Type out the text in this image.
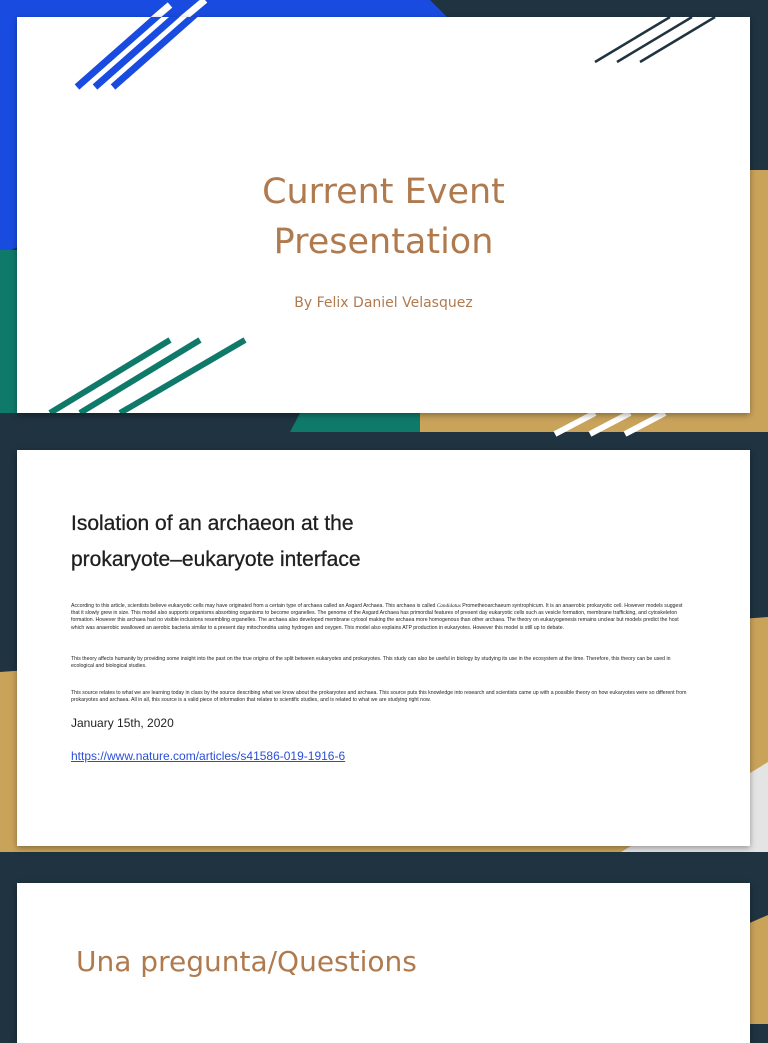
Current Event
Presentation
By Felix Daniel Velasquez
Isolation of an archaeon at the
prokaryote–eukaryote interface
According to this article, scientists believe eukaryotic cells may have originated from a certain type of archaea called an Asgard Archaea. This archaea is called Candidatus Prometheoarchaeum syntrophicum. It is an anaerobic prokaryotic cell. However models suggest that it slowly grew in size. This model also supports organisms absorbing organisms to become organelles. The genome of the Asgard Archaea has primordial features of present day eukaryotic cells such as vesicle formation, membrane trafficking, and cytoskeleton formation. However this archaea had no visible inclusions resembling organelles. The archaea also developed membrane cytosol making the archaea more homogenous than other archaea. The theory on eukaryogenesis remains unclear but models predict the host which was anaerobic swallowed an aerobic bacteria similar to a present day mitochondria using hydrogen and oxygen. This model also explains ATP production in eukaryotes. However this model is still up to debate.
This theory affects humanity by providing some insight into the past on the true origins of the split between eukaryotes and prokaryotes. This study can also be useful in biology by studying its use in the ecosystem at the time. Therefore, this theory can be used in ecological and biological studies.
This source relates to what we are learning today in class by the source describing what we know about the prokaryotes and archaea. This source puts this knowledge into research and scientists came up with a possible theory on how eukaryotes were so different from prokaryotes and archaea. All in all, this source is a valid piece of information that relates to scientific studies, and is related to what we are studying right now.
January 15th, 2020
https://www.nature.com/articles/s41586-019-1916-6
Una pregunta/Questions
